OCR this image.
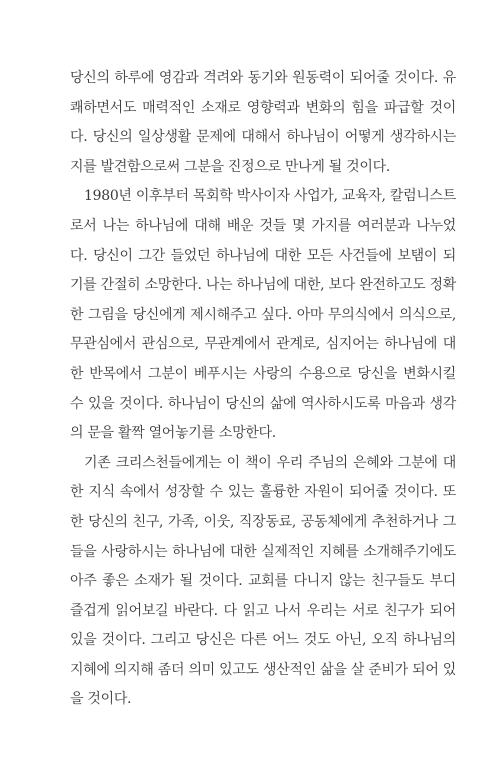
당신의 하루에 영감과 격려와 동기와 원동력이 되어줄 것이다. 유
쾌하면서도 매력적인 소재로 영향력과 변화의 힘을 파급할 것이
다. 당신의 일상생활 문제에 대해서 하나님이 어떻게 생각하시는
지를 발견함으로써 그분을 진정으로 만나게 될 것이다.

1980년 이후부터 목회학 박사이자 사업가, 교육자, 칼럼니스트
로서 나는 하나님에 대해 배운 것들 몇 가지를 여러분과 나누었
다. 당신이 그간 들었던 하나님에 대한 모든 사건들에 보탬이 되
기를 간절히 소망한다. 나는 하나님에 대한, 보다 완전하고도 정확
한 그림을 당신에게 제시해주고 싶다. 아마 무의식에서 의식으로,
무관심에서 관심으로, 무관계에서 관계로, 심지어는 하나님에 대
한 반목에서 그분이 베푸시는 사랑의 수용으로 당신을 변화시킬
수 있을 것이다. 하나님이 당신의 삶에 역사하시도록 마음과 생각
의 문을 활짝 열어놓기를 소망한다.

기존 크리스천들에게는 이 책이 우리 주님의 은혜와 그분에 대
한 지식 속에서 성장할 수 있는 훌륭한 자원이 되어줄 것이다. 또
한 당신의 친구, 가족, 이웃, 직장동료, 공동체에게 추천하거나 그
들을 사랑하시는 하나님에 대한 실제적인 지혜를 소개해주기에도
아주 좋은 소재가 될 것이다. 교회를 다니지 않는 친구들도 부디
즐겁게 읽어보길 바란다. 다 읽고 나서 우리는 서로 친구가 되어
있을 것이다. 그리고 당신은 다른 어느 것도 아닌, 오직 하나님의
지혜에 의지해 좀더 의미 있고도 생산적인 삶을 살 준비가 되어 있
을 것이다.
